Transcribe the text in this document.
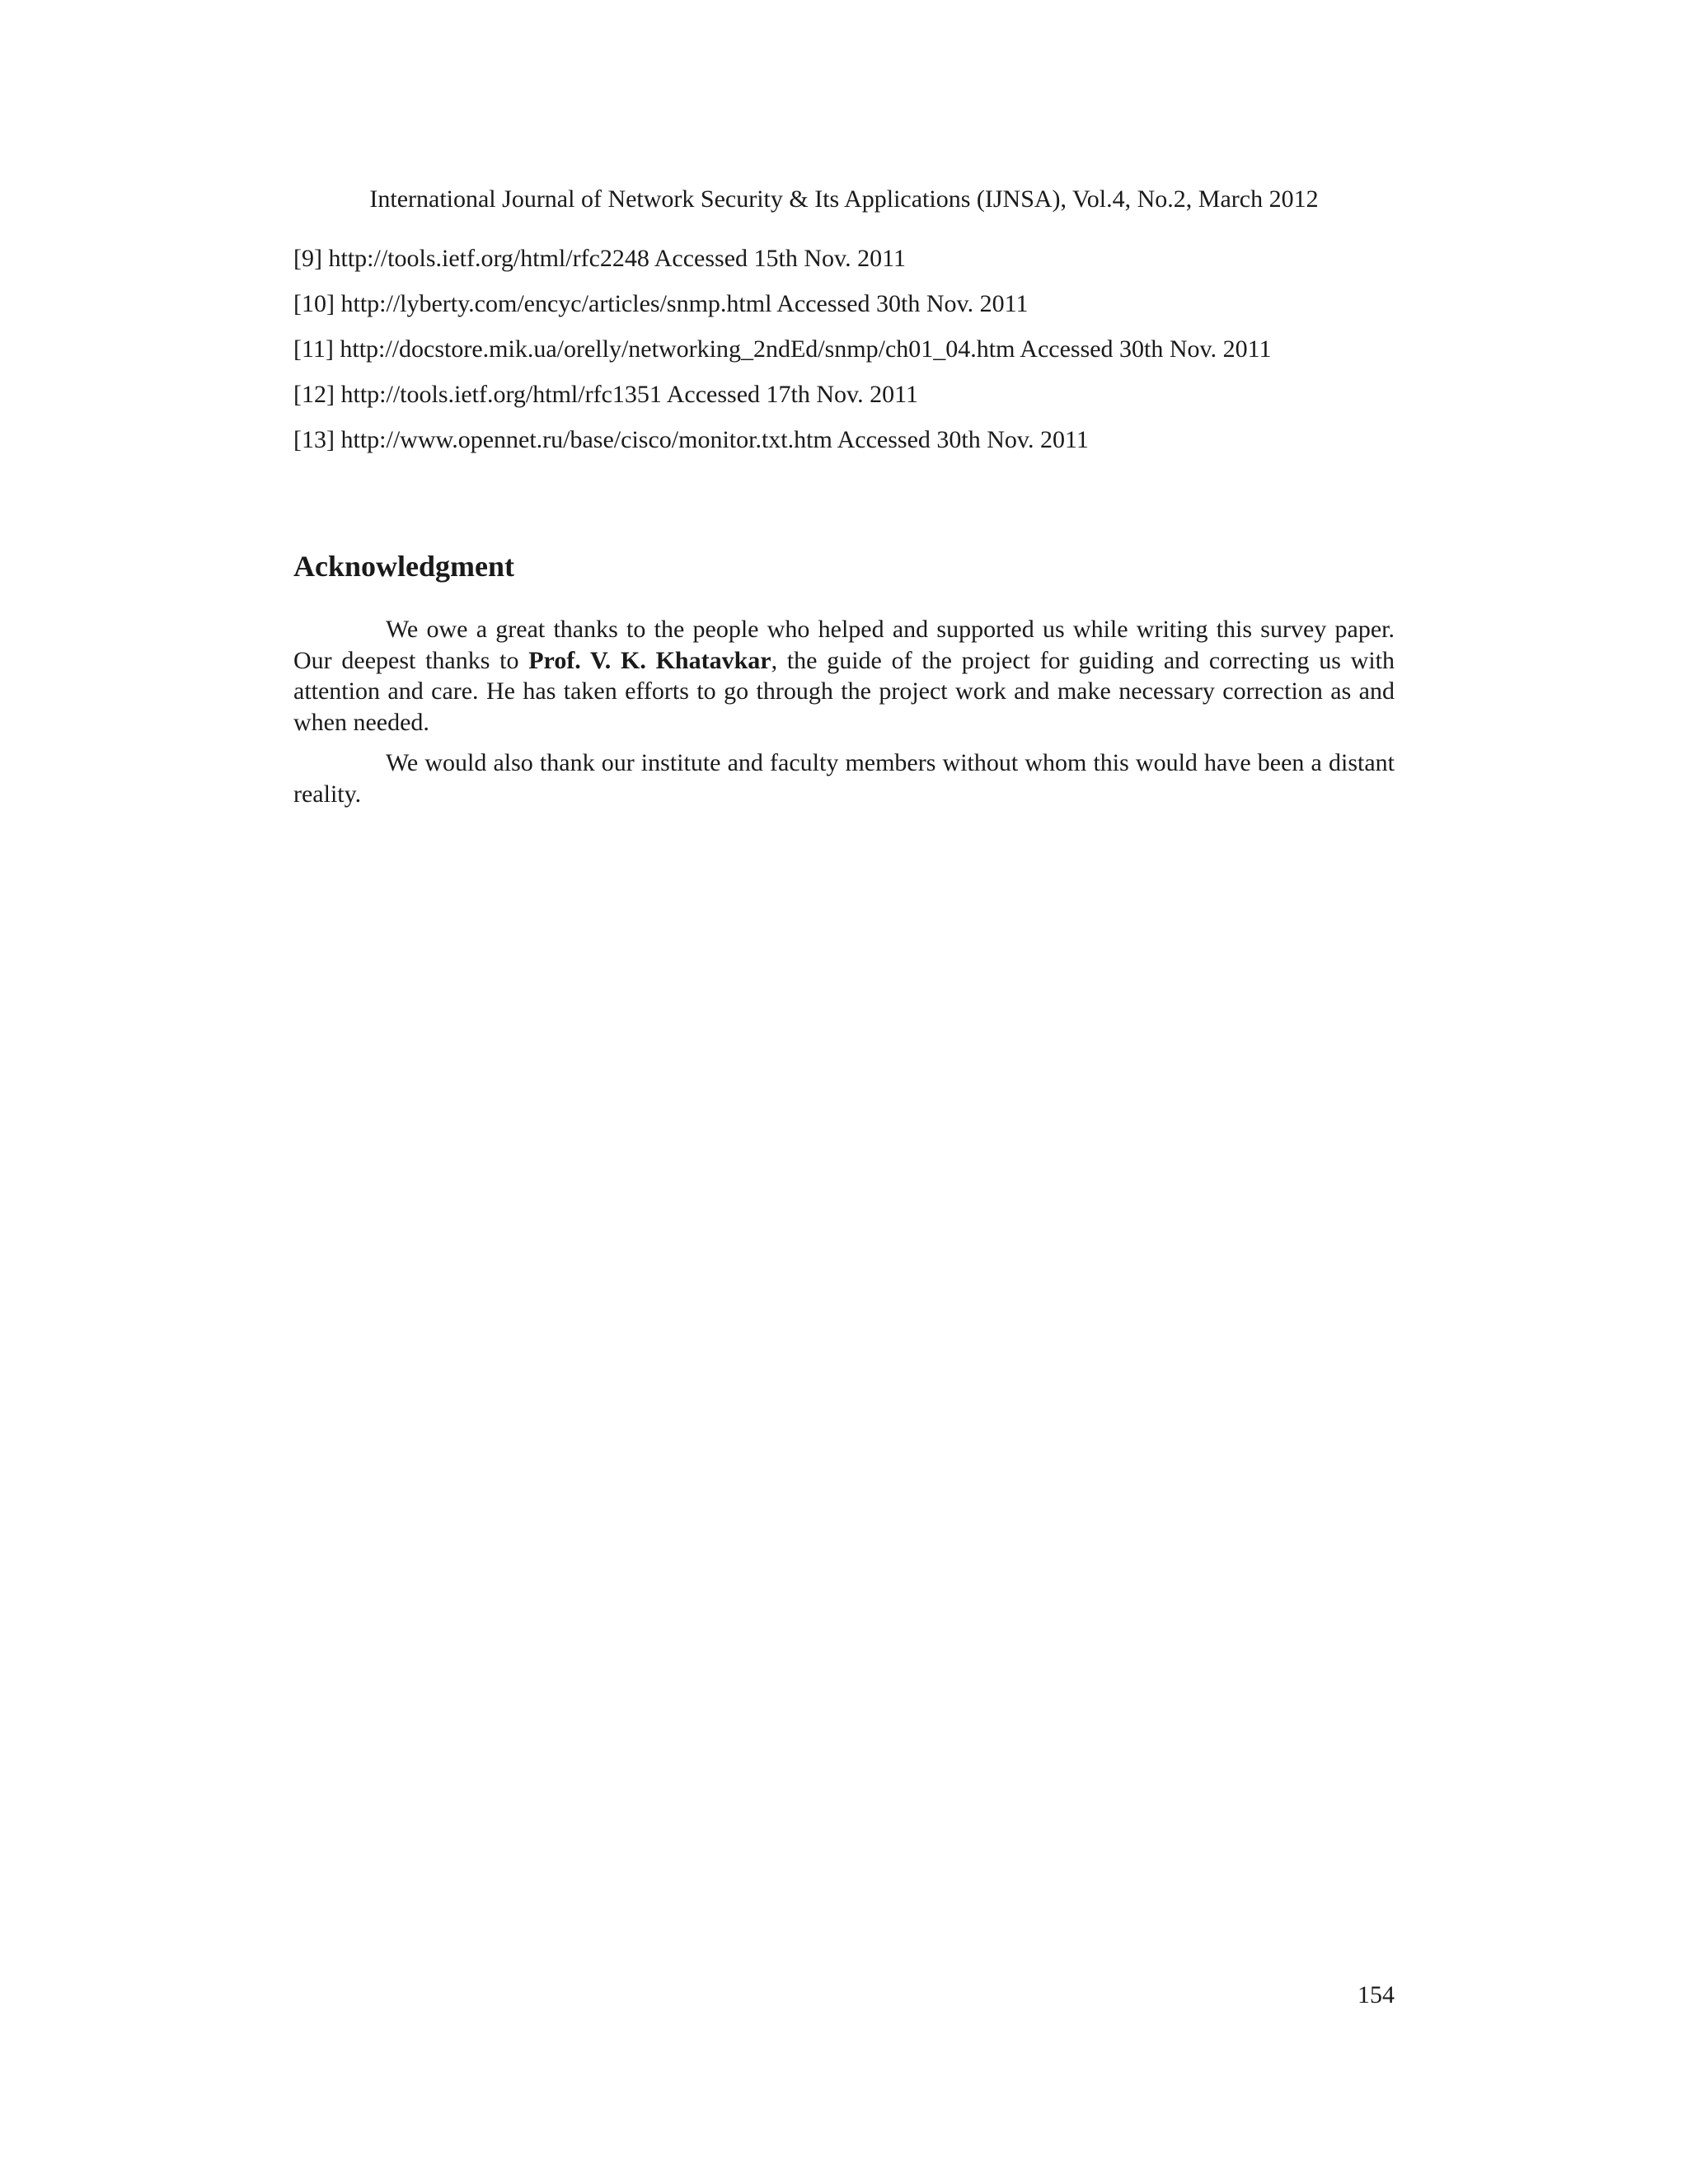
International Journal of Network Security & Its Applications (IJNSA), Vol.4, No.2, March 2012
[9] http://tools.ietf.org/html/rfc2248 Accessed 15th Nov. 2011
[10] http://lyberty.com/encyc/articles/snmp.html Accessed 30th Nov. 2011
[11] http://docstore.mik.ua/orelly/networking_2ndEd/snmp/ch01_04.htm Accessed 30th Nov. 2011
[12] http://tools.ietf.org/html/rfc1351 Accessed 17th Nov. 2011
[13] http://www.opennet.ru/base/cisco/monitor.txt.htm Accessed 30th Nov. 2011
Acknowledgment

We owe a great thanks to the people who helped and supported us while writing this survey paper. Our deepest thanks to Prof. V. K. Khatavkar, the guide of the project for guiding and correcting us with attention and care. He has taken efforts to go through the project work and make necessary correction as and when needed.

We would also thank our institute and faculty members without whom this would have been a distant reality.

154
